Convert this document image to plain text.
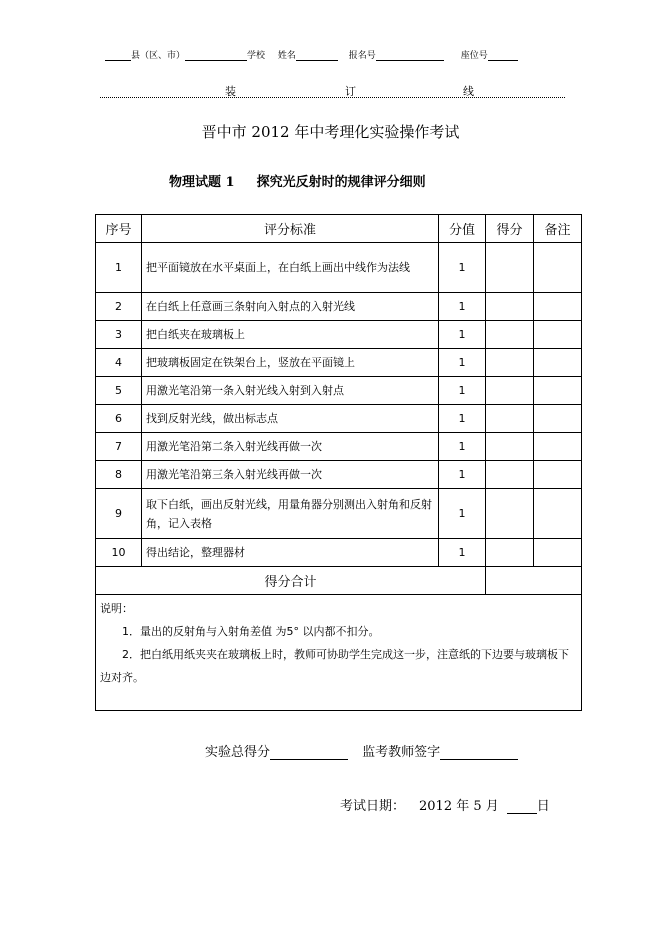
县（区、市）	学校 姓名	报名号	座位号
装	订	线
晋中市 2012 年中考理化实验操作考试
物理试题 1 探究光反射时的规律评分细则
序号	评分标准	分值	得分	备注
1	把平面镜放在水平桌面上，在白纸上画出中线作为法线	1		
2	在白纸上任意画三条射向入射点的入射光线	1		
3	把白纸夹在玻璃板上	1		
4	把玻璃板固定在铁架台上，竖放在平面镜上	1		
5	用激光笔沿第一条入射光线入射到入射点	1		
6	找到反射光线，做出标志点	1		
7	用激光笔沿第二条入射光线再做一次	1		
8	用激光笔沿第三条入射光线再做一次	1		
9	取下白纸，画出反射光线，用量角器分别测出入射角和反射角，记入表格	1		
10	得出结论，整理器材	1		
得分合计				

说明：
1．量出的反射角与入射角差值 为5° 以内都不扣分。
2．把白纸用纸夹夹在玻璃板上时，教师可协助学生完成这一步，注意纸的下边要与玻璃板下边对齐。				
实验总得分	监考教师签字
考试日期： 2012 年 5 月	日
